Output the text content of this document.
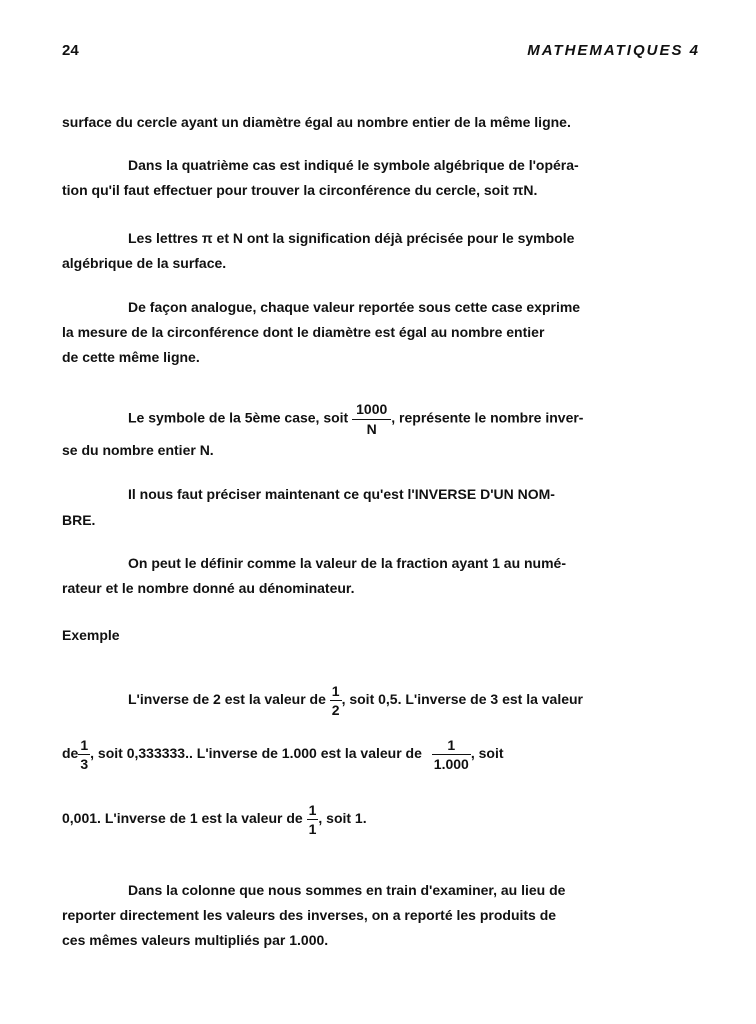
24	MATHEMATIQUES 4
surface du cercle ayant un diamètre égal au nombre entier de la même ligne.
Dans la quatrième cas est indiqué le symbole algébrique de l'opéra-
tion qu'il faut effectuer pour trouver la circonférence du cercle, soit πN.
Les lettres π et N ont la signification déjà précisée pour le symbole
algébrique de la surface.
De façon analogue, chaque valeur reportée sous cette case exprime
la mesure de la circonférence dont le diamètre est égal au nombre entier
de cette même ligne.
Le symbole de la 5ème case, soit $\frac{1000}{N}$ , représente le nombre inver-
se du nombre entier N.
Il nous faut préciser maintenant ce qu'est l'INVERSE D'UN NOM-
BRE.
On peut le définir comme la valeur de la fraction ayant 1 au numé-
rateur et le nombre donné au dénominateur.
Exemple
L'inverse de 2 est la valeur de $\frac{1}{2}$ , soit 0,5. L'inverse de 3 est la valeur
de $\frac{1}{3}$ , soit 0,333333.. L'inverse de 1.000 est la valeur de $\frac{1}{1.000}$ , soit
0,001. L'inverse de 1 est la valeur de $\frac{1}{1}$ , soit 1.
Dans la colonne que nous sommes en train d'examiner, au lieu de
reporter directement les valeurs des inverses, on a reporté les produits de
ces mêmes valeurs multipliés par 1.000.
